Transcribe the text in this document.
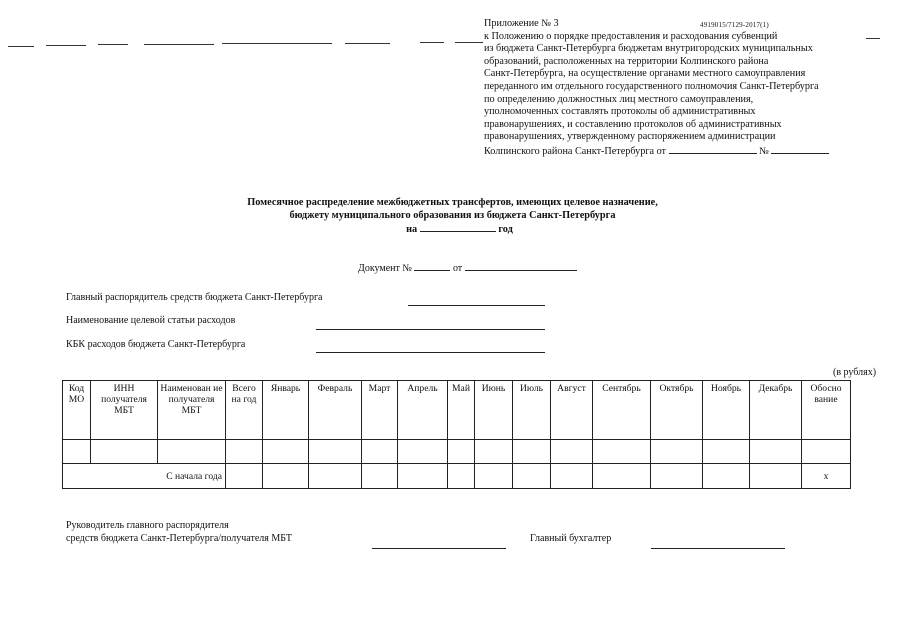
4919015/7129-2017(1)
Приложение № 3
к Положению о порядке предоставления и расходования субвенций
из бюджета Санкт-Петербурга бюджетам внутригородских муниципальных
образований, расположенных на территории Колпинского района
Санкт-Петербурга, на осуществление органами местного самоуправления
переданного им отдельного государственного полномочия Санкт-Петербурга
по определению должностных лиц местного самоуправления,
уполномоченных составлять протоколы об административных
правонарушениях, и составлению протоколов об административных
правонарушениях, утвержденному распоряжением администрации
Колпинского района Санкт-Петербурга от	№
Помесячное распределение межбюджетных трансфертов, имеющих целевое назначение,
бюджету муниципального образования из бюджета Санкт-Петербурга
на	год
Документ №	от
Главный распорядитель средств бюджета Санкт-Петербурга
Наименование целевой статьи расходов
КБК расходов бюджета Санкт-Петербурга
(в рублях)
Код МО	ИНН получателя МБТ	Наименован ие получателя МБТ	Всего на год	Январь	Февраль	Март	Апрель	Май	Июнь	Июль	Август	Сентябрь	Октябрь	Ноябрь	Декабрь	Обосно вание

С начала года																х
Руководитель главного распорядителя
средств бюджета Санкт-Петербурга/получателя МБТ	Главный бухгалтер
